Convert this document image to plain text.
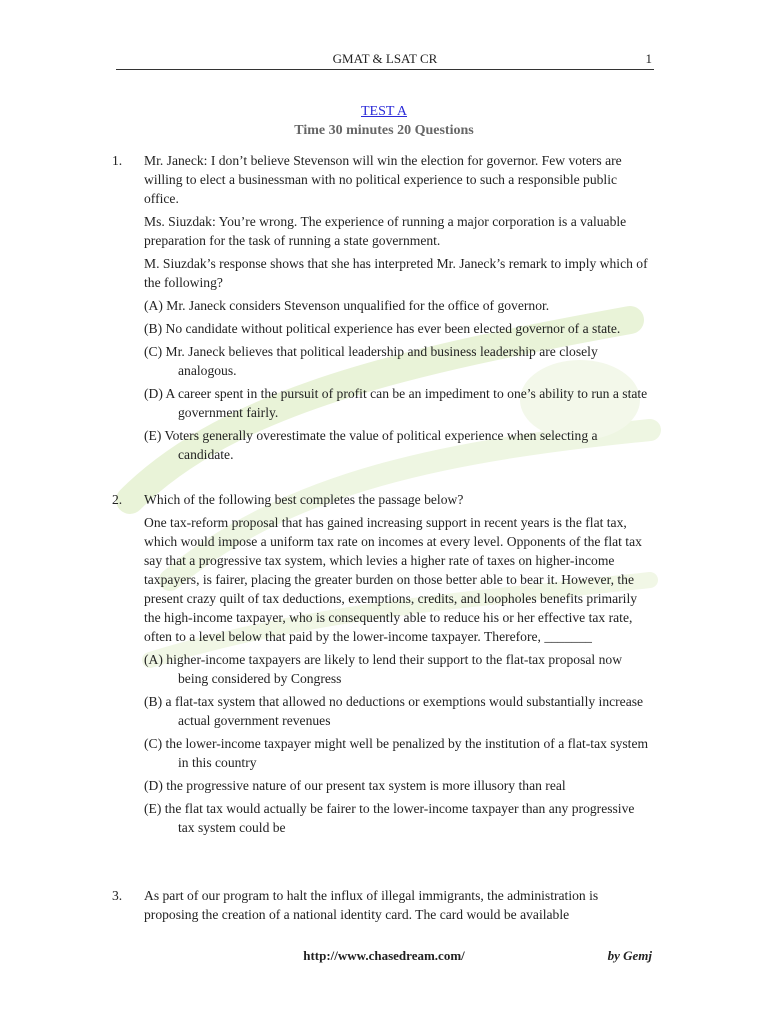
GMAT & LSAT CR	1
TEST A
Time 30 minutes 20 Questions
1. Mr. Janeck: I don’t believe Stevenson will win the election for governor. Few voters are willing to elect a businessman with no political experience to such a responsible public office.

Ms. Siuzdak: You’re wrong. The experience of running a major corporation is a valuable preparation for the task of running a state government.

M. Siuzdak’s response shows that she has interpreted Mr. Janeck’s remark to imply which of the following?

(A) Mr. Janeck considers Stevenson unqualified for the office of governor.
(B) No candidate without political experience has ever been elected governor of a state.
(C) Mr. Janeck believes that political leadership and business leadership are closely analogous.
(D) A career spent in the pursuit of profit can be an impediment to one’s ability to run a state government fairly.
(E) Voters generally overestimate the value of political experience when selecting a candidate.
2. Which of the following best completes the passage below?

One tax-reform proposal that has gained increasing support in recent years is the flat tax, which would impose a uniform tax rate on incomes at every level. Opponents of the flat tax say that a progressive tax system, which levies a higher rate of taxes on higher-income taxpayers, is fairer, placing the greater burden on those better able to bear it. However, the present crazy quilt of tax deductions, exemptions, credits, and loopholes benefits primarily the high-income taxpayer, who is consequently able to reduce his or her effective tax rate, often to a level below that paid by the lower-income taxpayer. Therefore, _______

(A) higher-income taxpayers are likely to lend their support to the flat-tax proposal now being considered by Congress
(B) a flat-tax system that allowed no deductions or exemptions would substantially increase actual government revenues
(C) the lower-income taxpayer might well be penalized by the institution of a flat-tax system in this country
(D) the progressive nature of our present tax system is more illusory than real
(E) the flat tax would actually be fairer to the lower-income taxpayer than any progressive tax system could be
3. As part of our program to halt the influx of illegal immigrants, the administration is proposing the creation of a national identity card. The card would be available

http://www.chasedream.com/	by Gemj
